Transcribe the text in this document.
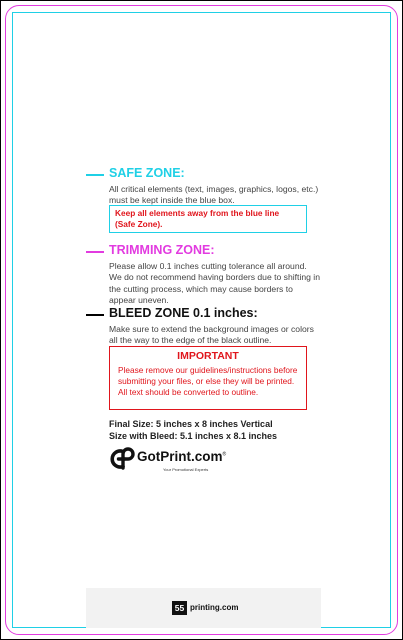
SAFE ZONE:
All critical elements (text, images, graphics, logos, etc.)
must be kept inside the blue box.
Keep all elements away from the blue line
(Safe Zone).
TRIMMING ZONE:
Please allow 0.1 inches cutting tolerance all around.
We do not recommend having borders due to shifting in
the cutting process, which may cause borders to
appear uneven.
BLEED ZONE 0.1 inches:
Make sure to extend the background images or colors
all the way to the edge of the black outline.
IMPORTANT
Please remove our guidelines/instructions before
submitting your files, or else they will be printed.
All text should be converted to outline.
Final Size: 5 inches x 8 inches Vertical
Size with Bleed: 5.1 inches x 8.1 inches
GotPrint.com®
Your Promotional Experts
55 printing.com
